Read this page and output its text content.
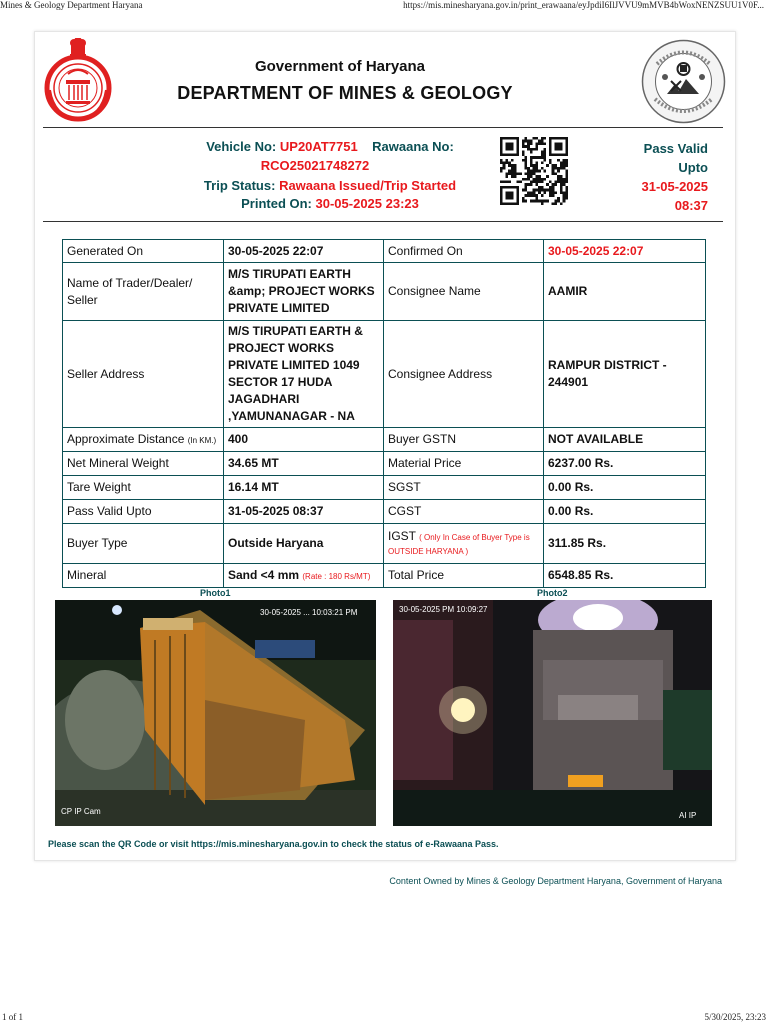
Mines & Geology Department Haryana	https://mis.minesharyana.gov.in/print_erawaana/eyJpdiI6IlJVVU9mMVB4bWoxNENZSUU1V0F...
Government of Haryana
DEPARTMENT OF MINES & GEOLOGY
Vehicle No: UP20AT7751 Rawaana No:
RCO25021748272
Trip Status: Rawaana Issued/Trip Started
Printed On: 30-05-2025 23:23
Pass Valid
Upto
31-05-2025
08:37
Generated On	30-05-2025 22:07	Confirmed On	30-05-2025 22:07
Name of Trader/Dealer/ Seller	M/S TIRUPATI EARTH &amp; PROJECT WORKS PRIVATE LIMITED	Consignee Name	AAMIR
Seller Address	M/S TIRUPATI EARTH & PROJECT WORKS PRIVATE LIMITED 1049 SECTOR 17 HUDA JAGADHARI ,YAMUNANAGAR - NA	Consignee Address	RAMPUR DISTRICT - 244901
Approximate Distance (In KM.)	400	Buyer GSTN	NOT AVAILABLE
Net Mineral Weight	34.65 MT	Material Price	6237.00 Rs.
Tare Weight	16.14 MT	SGST	0.00 Rs.
Pass Valid Upto	31-05-2025 08:37	CGST	0.00 Rs.
Buyer Type	Outside Haryana	IGST ( Only In Case of Buyer Type is OUTSIDE HARYANA )	311.85 Rs.
Mineral	Sand <4 mm (Rate : 180 Rs/MT)	Total Price	6548.85 Rs.
Photo1	Photo2
30-05-2025 ... 10:03:21 PM
CP IP Cam
30-05-2025 PM 10:09:27
AI IP
Please scan the QR Code or visit https://mis.minesharyana.gov.in to check the status of e-Rawaana Pass.
Content Owned by Mines & Geology Department Haryana, Government of Haryana
1 of 1	5/30/2025, 23:23
